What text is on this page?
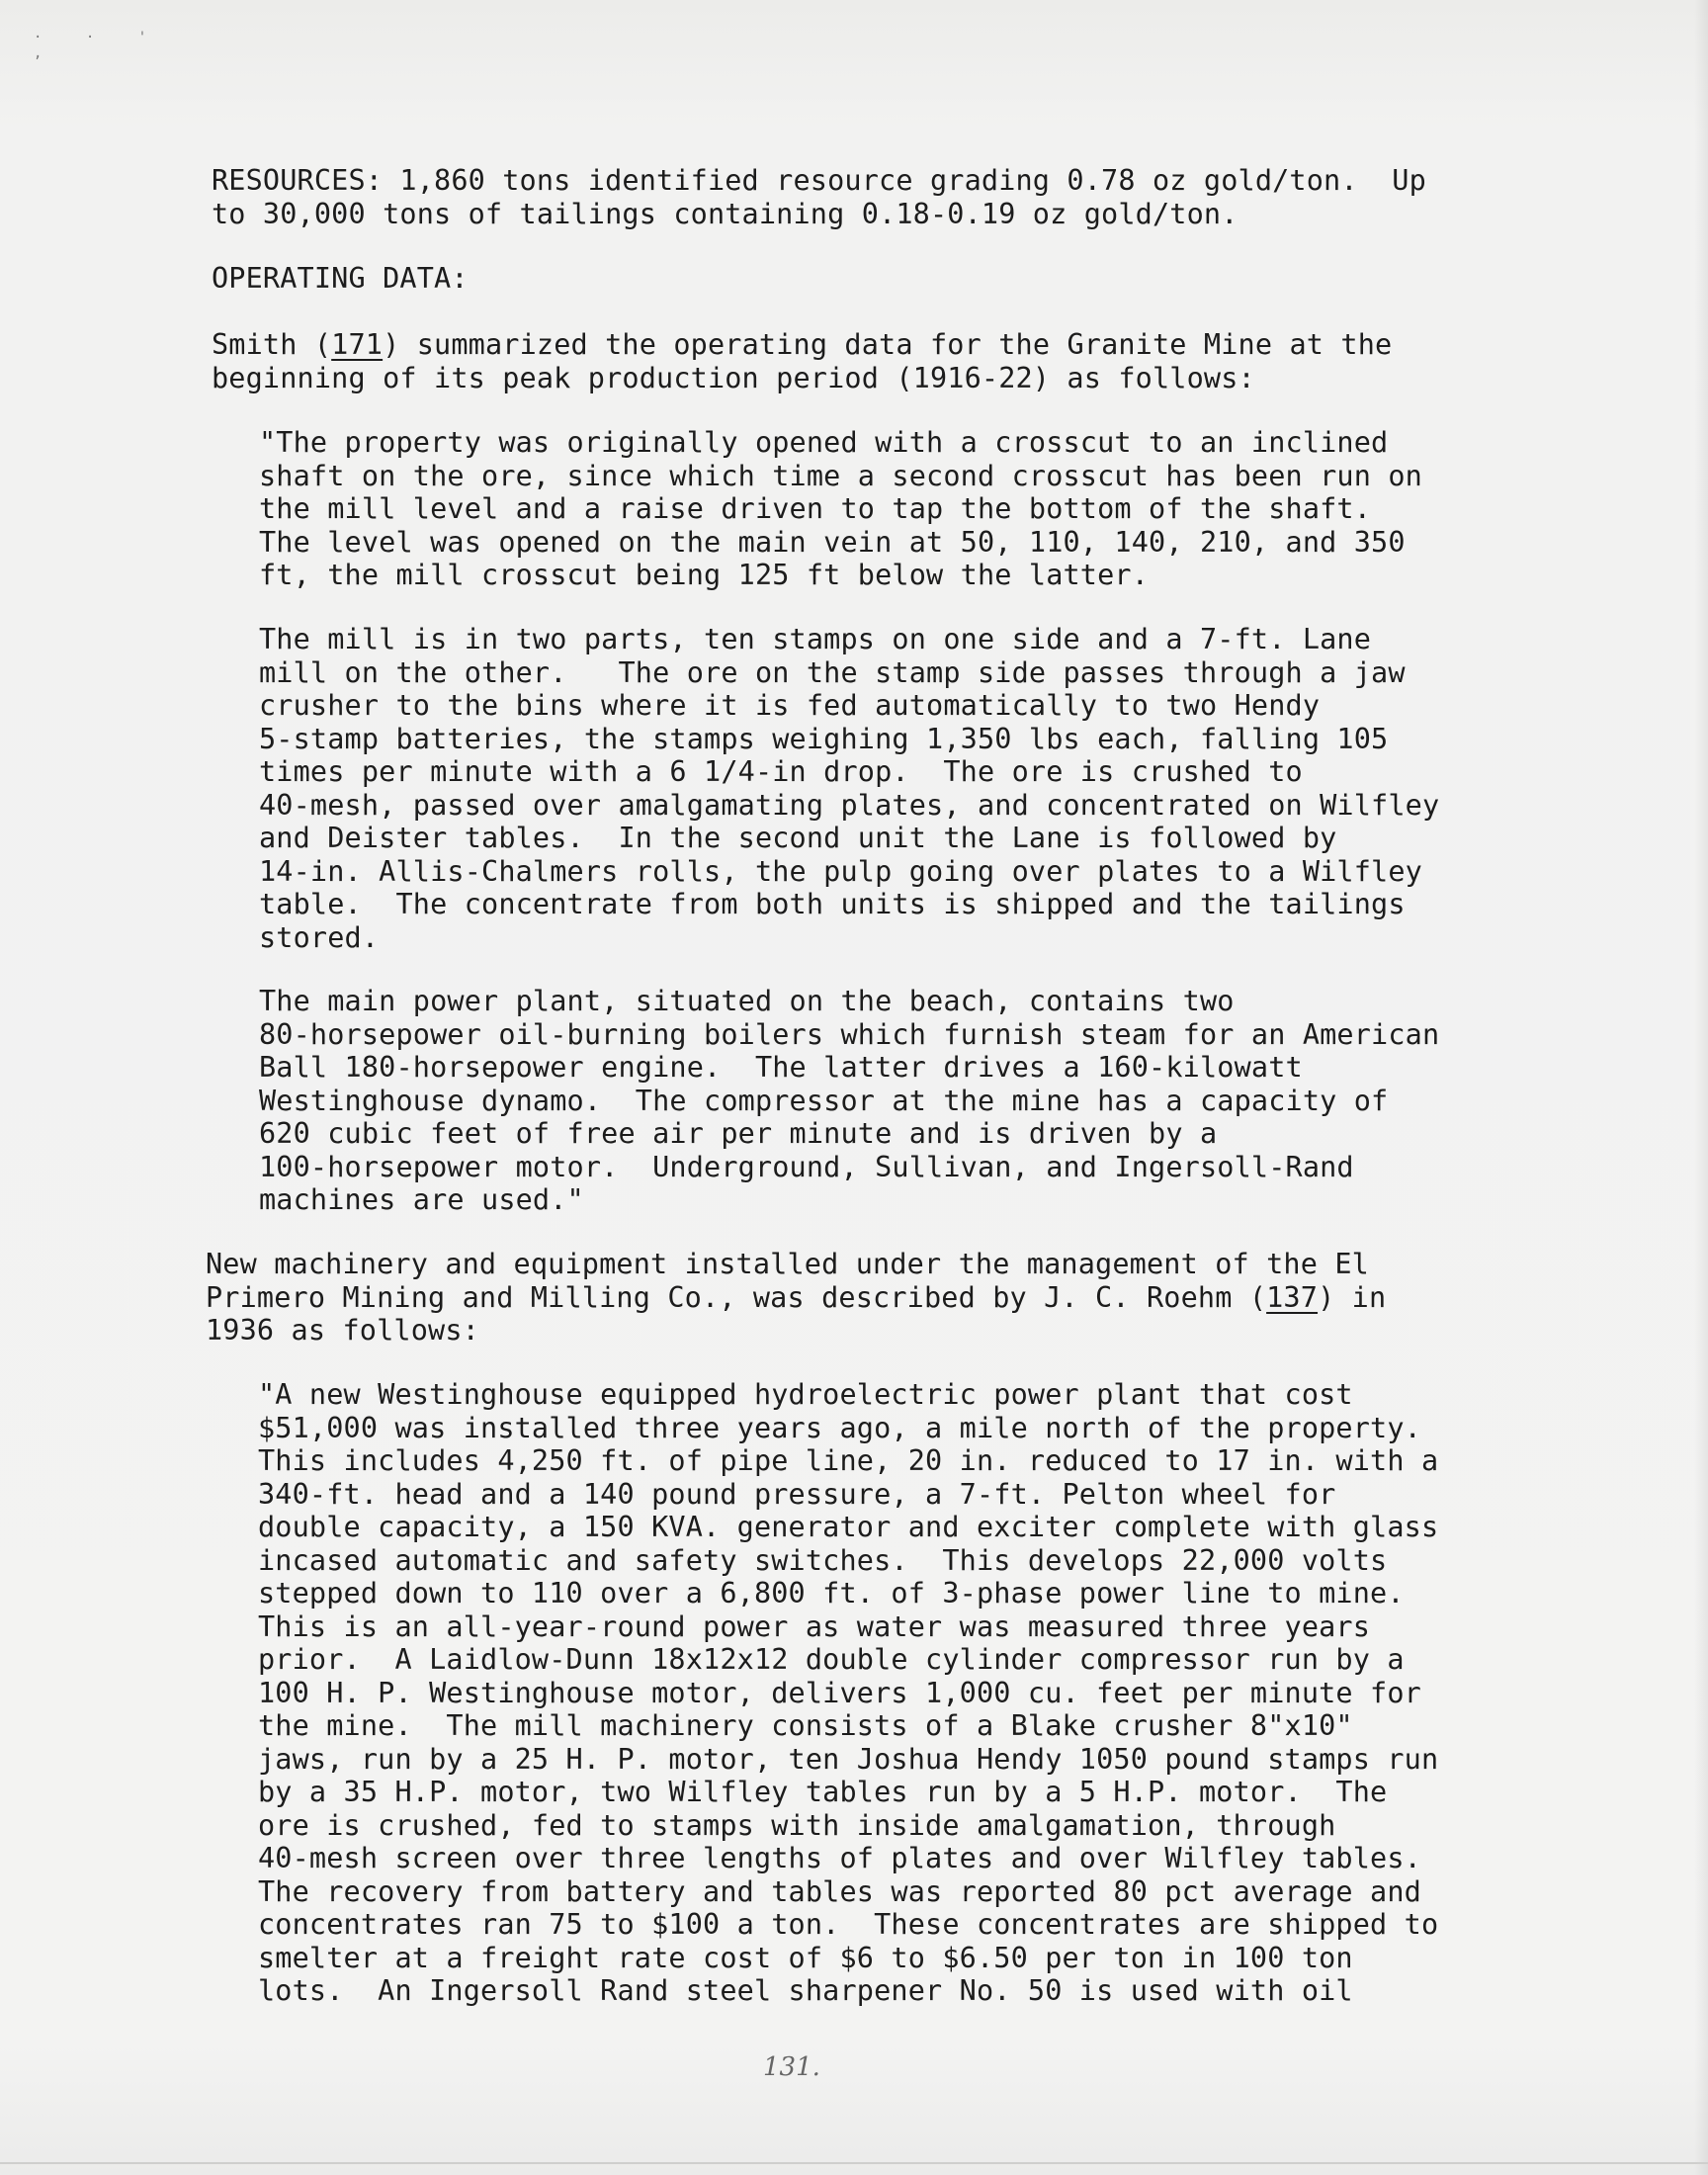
· · ' ,
RESOURCES: 1,860 tons identified resource grading 0.78 oz gold/ton.  Up
to 30,000 tons of tailings containing 0.18-0.19 oz gold/ton.
OPERATING DATA:
Smith (171) summarized the operating data for the Granite Mine at the
beginning of its peak production period (1916-22) as follows:
"The property was originally opened with a crosscut to an inclined
shaft on the ore, since which time a second crosscut has been run on
the mill level and a raise driven to tap the bottom of the shaft.
The level was opened on the main vein at 50, 110, 140, 210, and 350
ft, the mill crosscut being 125 ft below the latter.
The mill is in two parts, ten stamps on one side and a 7-ft. Lane
mill on the other.   The ore on the stamp side passes through a jaw
crusher to the bins where it is fed automatically to two Hendy
5-stamp batteries, the stamps weighing 1,350 lbs each, falling 105
times per minute with a 6 1/4-in drop.  The ore is crushed to
40-mesh, passed over amalgamating plates, and concentrated on Wilfley
and Deister tables.  In the second unit the Lane is followed by
14-in. Allis-Chalmers rolls, the pulp going over plates to a Wilfley
table.  The concentrate from both units is shipped and the tailings
stored.
The main power plant, situated on the beach, contains two
80-horsepower oil-burning boilers which furnish steam for an American
Ball 180-horsepower engine.  The latter drives a 160-kilowatt
Westinghouse dynamo.  The compressor at the mine has a capacity of
620 cubic feet of free air per minute and is driven by a
100-horsepower motor.  Underground, Sullivan, and Ingersoll-Rand
machines are used."
New machinery and equipment installed under the management of the El
Primero Mining and Milling Co., was described by J. C. Roehm (137) in
1936 as follows:
"A new Westinghouse equipped hydroelectric power plant that cost
$51,000 was installed three years ago, a mile north of the property.
This includes 4,250 ft. of pipe line, 20 in. reduced to 17 in. with a
340-ft. head and a 140 pound pressure, a 7-ft. Pelton wheel for
double capacity, a 150 KVA. generator and exciter complete with glass
incased automatic and safety switches.  This develops 22,000 volts
stepped down to 110 over a 6,800 ft. of 3-phase power line to mine.
This is an all-year-round power as water was measured three years
prior.  A Laidlow-Dunn 18x12x12 double cylinder compressor run by a
100 H. P. Westinghouse motor, delivers 1,000 cu. feet per minute for
the mine.  The mill machinery consists of a Blake crusher 8"x10"
jaws, run by a 25 H. P. motor, ten Joshua Hendy 1050 pound stamps run
by a 35 H.P. motor, two Wilfley tables run by a 5 H.P. motor.  The
ore is crushed, fed to stamps with inside amalgamation, through
40-mesh screen over three lengths of plates and over Wilfley tables.
The recovery from battery and tables was reported 80 pct average and
concentrates ran 75 to $100 a ton.  These concentrates are shipped to
smelter at a freight rate cost of $6 to $6.50 per ton in 100 ton
lots.  An Ingersoll Rand steel sharpener No. 50 is used with oil
131.
